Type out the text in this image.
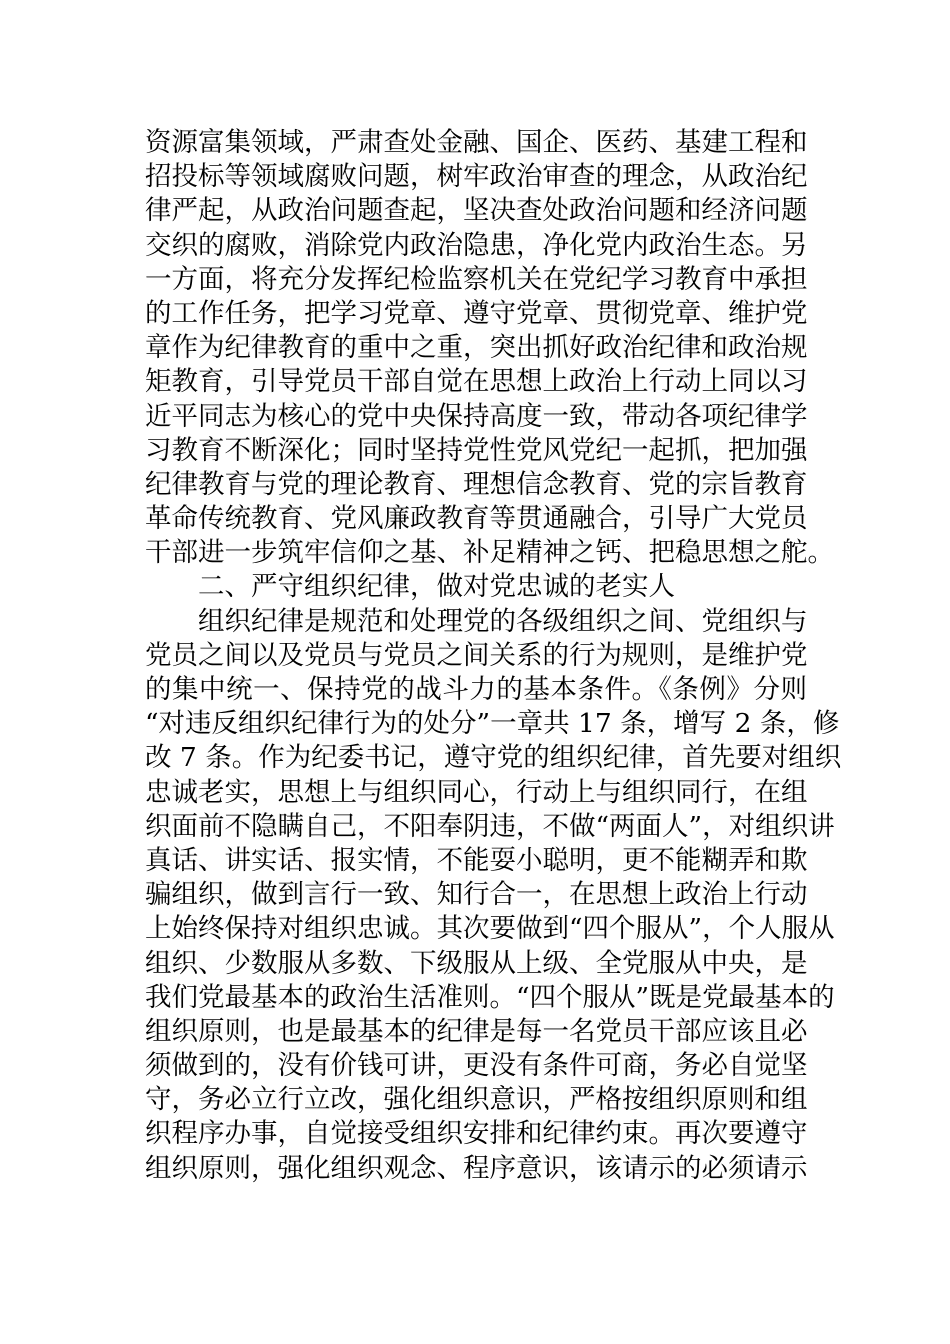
资源富集领域，严肃查处金融、国企、医药、基建工程和
招投标等领域腐败问题，树牢政治审查的理念，从政治纪
律严起，从政治问题查起，坚决查处政治问题和经济问题
交织的腐败，消除党内政治隐患，净化党内政治生态。另
一方面，将充分发挥纪检监察机关在党纪学习教育中承担
的工作任务，把学习党章、遵守党章、贯彻党章、维护党
章作为纪律教育的重中之重，突出抓好政治纪律和政治规
矩教育，引导党员干部自觉在思想上政治上行动上同以习
近平同志为核心的党中央保持高度一致，带动各项纪律学
习教育不断深化；同时坚持党性党风党纪一起抓，把加强
纪律教育与党的理论教育、理想信念教育、党的宗旨教育
革命传统教育、党风廉政教育等贯通融合，引导广大党员
干部进一步筑牢信仰之基、补足精神之钙、把稳思想之舵。
二、严守组织纪律，做对党忠诚的老实人
组织纪律是规范和处理党的各级组织之间、党组织与
党员之间以及党员与党员之间关系的行为规则，是维护党
的集中统一、保持党的战斗力的基本条件。《条例》分则
“对违反组织纪律行为的处分”一章共 17 条，增写 2 条，修
改 7 条。作为纪委书记，遵守党的组织纪律，首先要对组织
忠诚老实，思想上与组织同心，行动上与组织同行，在组
织面前不隐瞒自己，不阳奉阴违，不做“两面人”，对组织讲
真话、讲实话、报实情，不能耍小聪明，更不能糊弄和欺
骗组织，做到言行一致、知行合一，在思想上政治上行动
上始终保持对组织忠诚。其次要做到“四个服从”，个人服从
组织、少数服从多数、下级服从上级、全党服从中央，是
我们党最基本的政治生活准则。“四个服从”既是党最基本的
组织原则，也是最基本的纪律是每一名党员干部应该且必
须做到的，没有价钱可讲，更没有条件可商，务必自觉坚
守，务必立行立改，强化组织意识，严格按组织原则和组
织程序办事，自觉接受组织安排和纪律约束。再次要遵守
组织原则，强化组织观念、程序意识，该请示的必须请示
